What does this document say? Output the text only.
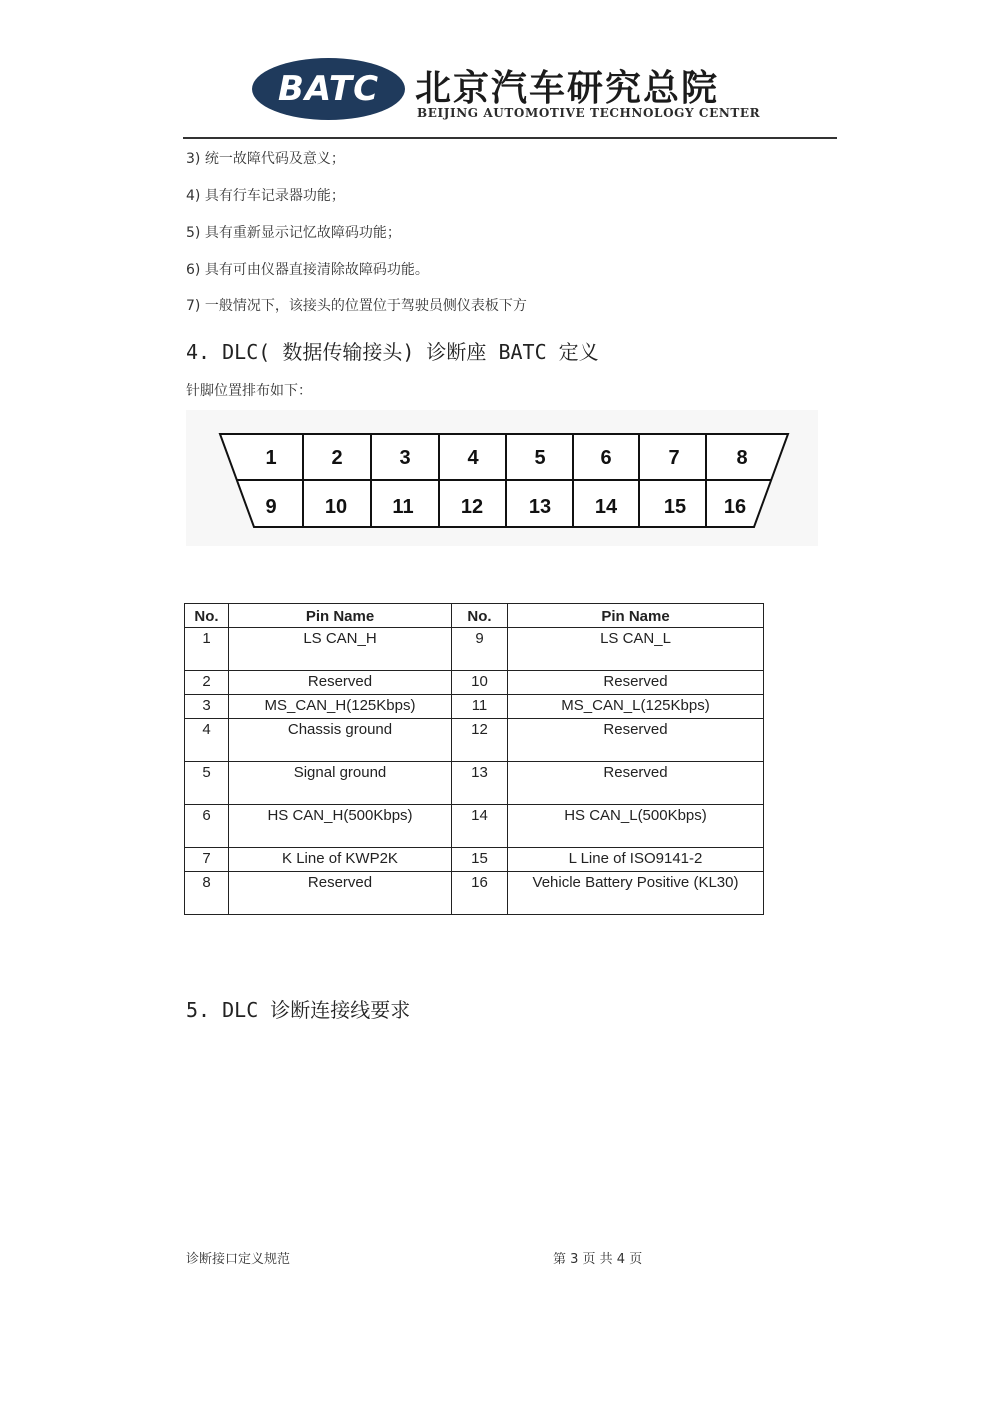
BATC 北京汽车研究总院
BEIJING AUTOMOTIVE TECHNOLOGY CENTER
3) 统一故障代码及意义；
4) 具有行车记录器功能；
5) 具有重新显示记忆故障码功能；
6) 具有可由仪器直接清除故障码功能。
7) 一般情况下，该接头的位置位于驾驶员侧仪表板下方
4. DLC( 数据传输接头) 诊断座 BATC 定义
针脚位置排布如下：
1	2	3	4	5	6	7	8
9 10 11 12 13 14 15 16
No.	Pin Name	No.	Pin Name
1	LS CAN_H	9	LS CAN_L
2	Reserved	10	Reserved
3	MS_CAN_H(125Kbps)	11	MS_CAN_L(125Kbps)
4	Chassis ground	12	Reserved
5	Signal ground	13	Reserved
6	HS CAN_H(500Kbps)	14	HS CAN_L(500Kbps)
7	K Line of KWP2K	15	L Line of ISO9141-2
8	Reserved	16	Vehicle Battery Positive (KL30)
5. DLC 诊断连接线要求
诊断接口定义规范	第 3 页 共 4 页
